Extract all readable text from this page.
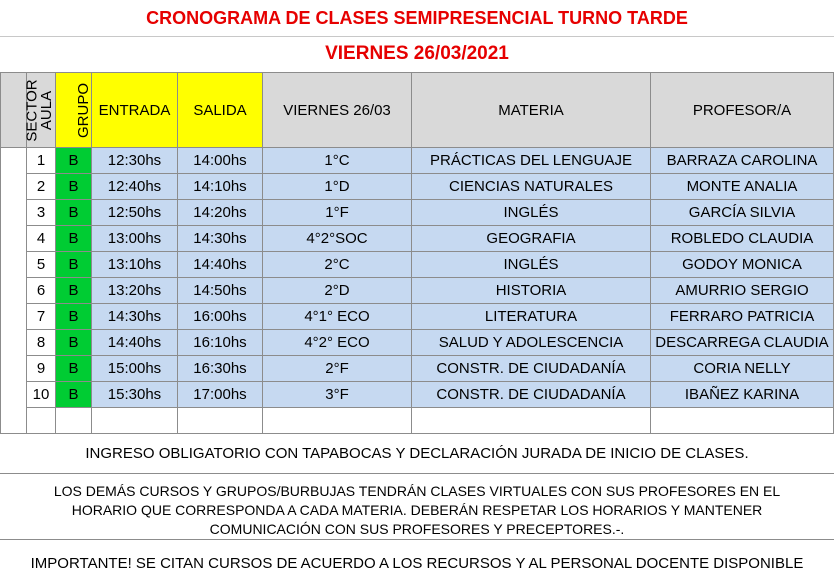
CRONOGRAMA DE CLASES SEMIPRESENCIAL TURNO TARDE
VIERNES 26/03/2021
SECTOR	AULA	GRUPO	ENTRADA	SALIDA	VIERNES 26/03	MATERIA	PROFESOR/A
	1	B	12:30hs	14:00hs	1°C	PRÁCTICAS DEL LENGUAJE	BARRAZA CAROLINA
	2	B	12:40hs	14:10hs	1°D	CIENCIAS NATURALES	MONTE ANALIA
	3	B	12:50hs	14:20hs	1°F	INGLÉS	GARCÍA SILVIA
	4	B	13:00hs	14:30hs	4°2°SOC	GEOGRAFIA	ROBLEDO CLAUDIA
	5	B	13:10hs	14:40hs	2°C	INGLÉS	GODOY MONICA
	6	B	13:20hs	14:50hs	2°D	HISTORIA	AMURRIO SERGIO
	7	B	14:30hs	16:00hs	4°1° ECO	LITERATURA	FERRARO PATRICIA
	8	B	14:40hs	16:10hs	4°2° ECO	SALUD Y ADOLESCENCIA	DESCARREGA CLAUDIA
	9	B	15:00hs	16:30hs	2°F	CONSTR. DE CIUDADANÍA	CORIA NELLY
	10	B	15:30hs	17:00hs	3°F	CONSTR. DE CIUDADANÍA	IBAÑEZ KARINA

INGRESO OBLIGATORIO CON TAPABOCAS Y DECLARACIÓN JURADA DE INICIO DE CLASES.
LOS DEMÁS CURSOS Y GRUPOS/BURBUJAS TENDRÁN CLASES VIRTUALES CON SUS PROFESORES EN EL HORARIO QUE CORRESPONDA A CADA MATERIA. DEBERÁN RESPETAR LOS HORARIOS Y MANTENER COMUNICACIÓN CON SUS PROFESORES Y PRECEPTORES.-.
IMPORTANTE! SE CITAN CURSOS DE ACUERDO A LOS RECURSOS Y AL PERSONAL DOCENTE DISPONIBLE
